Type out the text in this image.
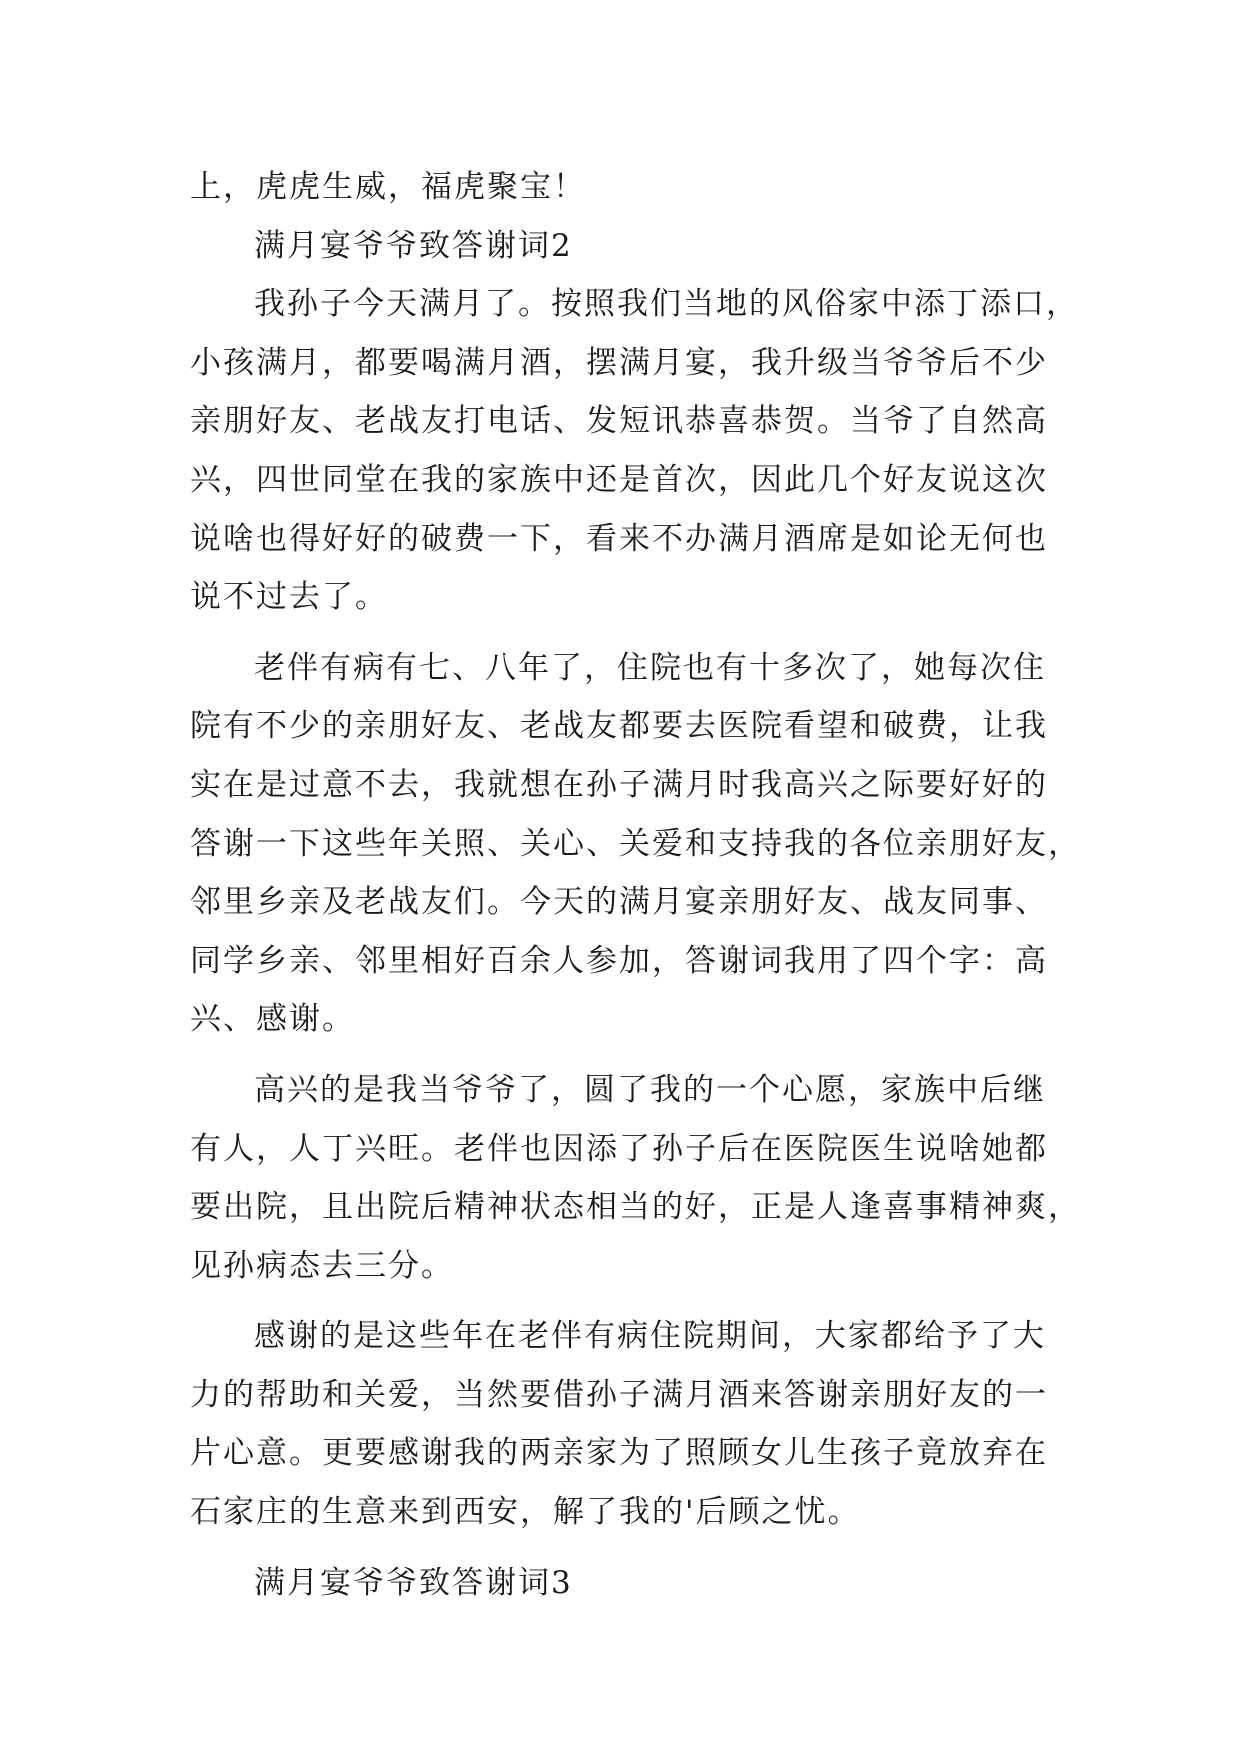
上，虎虎生威，福虎聚宝！
满月宴爷爷致答谢词2
我孙子今天满月了。按照我们当地的风俗家中添丁添口，
小孩满月，都要喝满月酒，摆满月宴，我升级当爷爷后不少
亲朋好友、老战友打电话、发短讯恭喜恭贺。当爷了自然高
兴，四世同堂在我的家族中还是首次，因此几个好友说这次
说啥也得好好的破费一下，看来不办满月酒席是如论无何也
说不过去了。
老伴有病有七、八年了，住院也有十多次了，她每次住
院有不少的亲朋好友、老战友都要去医院看望和破费，让我
实在是过意不去，我就想在孙子满月时我高兴之际要好好的
答谢一下这些年关照、关心、关爱和支持我的各位亲朋好友，
邻里乡亲及老战友们。今天的满月宴亲朋好友、战友同事、
同学乡亲、邻里相好百余人参加，答谢词我用了四个字：高
兴、感谢。
高兴的是我当爷爷了，圆了我的一个心愿，家族中后继
有人，人丁兴旺。老伴也因添了孙子后在医院医生说啥她都
要出院，且出院后精神状态相当的好，正是人逢喜事精神爽，
见孙病态去三分。
感谢的是这些年在老伴有病住院期间，大家都给予了大
力的帮助和关爱，当然要借孙子满月酒来答谢亲朋好友的一
片心意。更要感谢我的两亲家为了照顾女儿生孩子竟放弃在
石家庄的生意来到西安，解了我的'后顾之忧。
满月宴爷爷致答谢词3
